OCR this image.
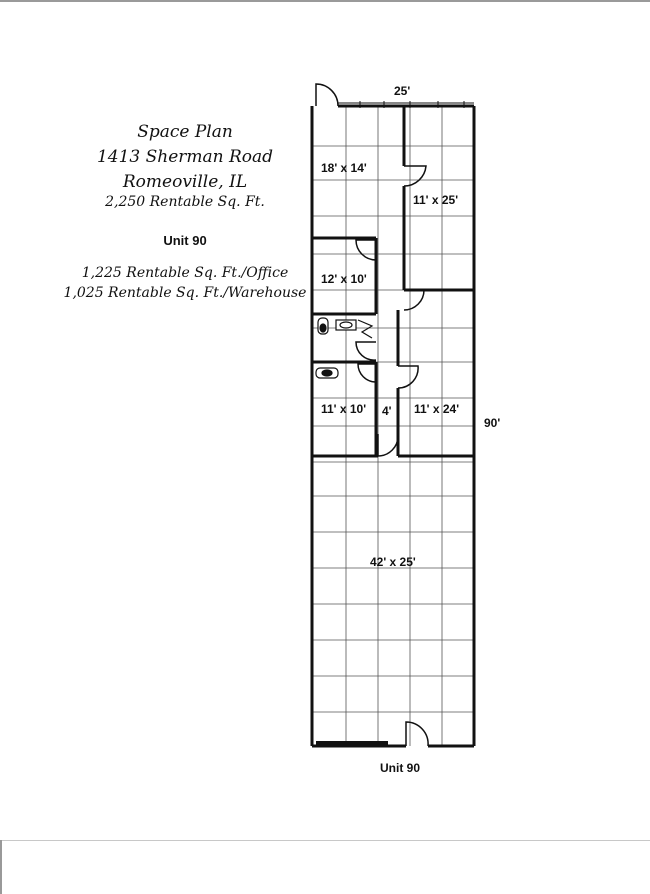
Space Plan
1413 Sherman Road
Romeoville, IL
2,250 Rentable Sq. Ft.
Unit 90
1,225 Rentable Sq. Ft./Office
1,025 Rentable Sq. Ft./Warehouse
25'
90'
18' x 14'
11' x 25'
12' x 10'
11' x 10' 4' 11' x 24'
42' x 25'
Unit 90
